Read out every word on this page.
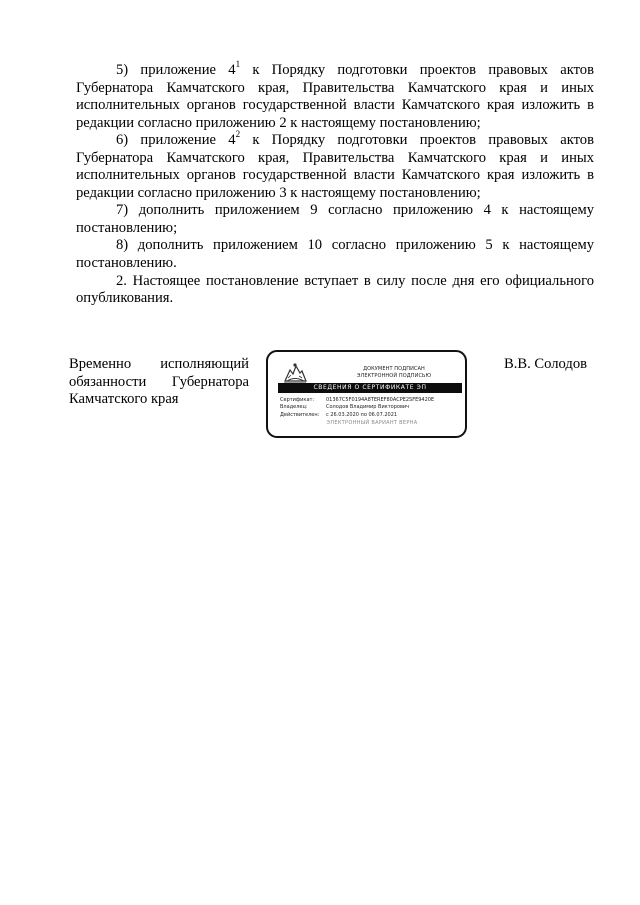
5) приложение $4^1$ к Порядку подготовки проектов правовых актов Губернатора Камчатского края, Правительства Камчатского края и иных исполнительных органов государственной власти Камчатского края изложить в редакции согласно приложению 2 к настоящему постановлению;

6) приложение $4^2$ к Порядку подготовки проектов правовых актов Губернатора Камчатского края, Правительства Камчатского края и иных исполнительных органов государственной власти Камчатского края изложить в редакции согласно приложению 3 к настоящему постановлению;

7) дополнить приложением 9 согласно приложению 4 к настоящему постановлению;

8) дополнить приложением 10 согласно приложению 5 к настоящему постановлению.

2. Настоящее постановление вступает в силу после дня его официального опубликования.

Временно исполняющий
обязанности Губернатора
Камчатского края
ДОКУМЕНТ ПОДПИСАН
ЭЛЕКТРОННОЙ ПОДПИСЬЮ
СВЕДЕНИЯ О СЕРТИФИКАТЕ ЭП
Сертификат:	01367C5F0194A8TEREF80ACPE2SFE9420E
Владелец:	Солодов Владимир Викторович
Действителен:	с 26.03.2020 по 06.07.2021
ЭЛЕКТРОННЫЙ ВАРИАНТ ВЕРНА
В.В. Солодов
